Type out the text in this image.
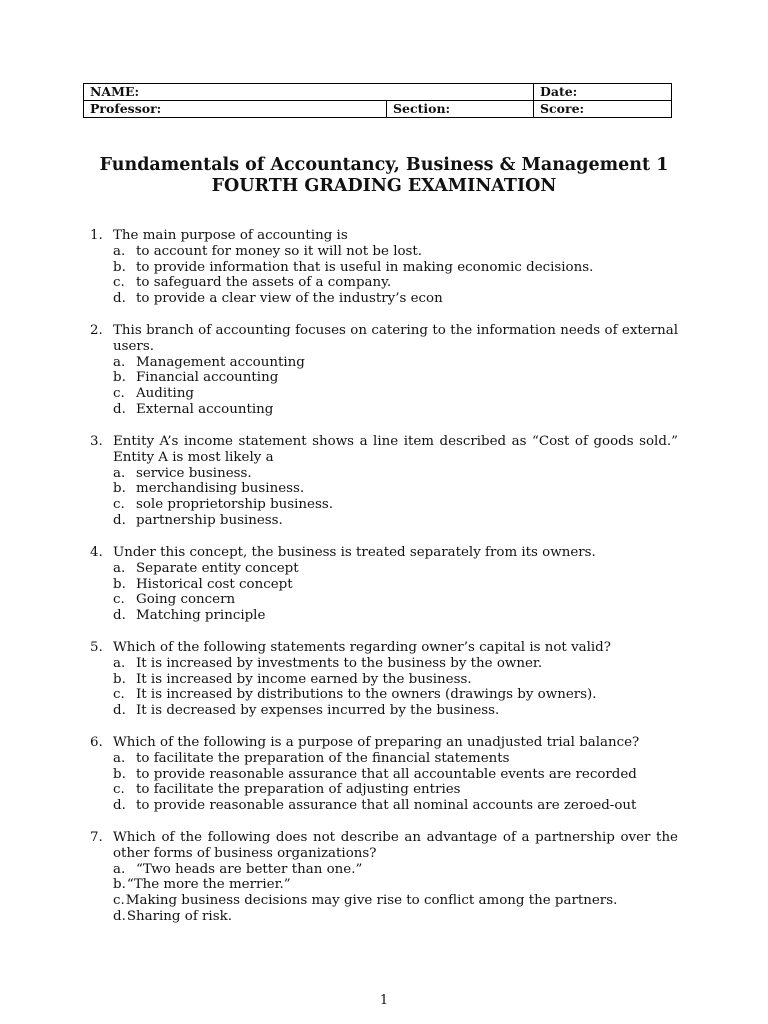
NAME:		Date:
Professor:	Section:	Score:
Fundamentals of Accountancy, Business & Management 1
FOURTH GRADING EXAMINATION
1. The main purpose of accounting is
a. to account for money so it will not be lost.
b. to provide information that is useful in making economic decisions.
c. to safeguard the assets of a company.
d. to provide a clear view of the industry’s econ
2. This branch of accounting focuses on catering to the information needs of external users.
a. Management accounting
b. Financial accounting
c. Auditing
d. External accounting
3. Entity A’s income statement shows a line item described as “Cost of goods sold.” Entity A is most likely a
a. service business.
b. merchandising business.
c. sole proprietorship business.
d. partnership business.
4. Under this concept, the business is treated separately from its owners.
a. Separate entity concept
b. Historical cost concept
c. Going concern
d. Matching principle
5. Which of the following statements regarding owner’s capital is not valid?
a. It is increased by investments to the business by the owner.
b. It is increased by income earned by the business.
c. It is increased by distributions to the owners (drawings by owners).
d. It is decreased by expenses incurred by the business.
6. Which of the following is a purpose of preparing an unadjusted trial balance?
a. to facilitate the preparation of the financial statements
b. to provide reasonable assurance that all accountable events are recorded
c. to facilitate the preparation of adjusting entries
d. to provide reasonable assurance that all nominal accounts are zeroed-out
7. Which of the following does not describe an advantage of a partnership over the other forms of business organizations?
a. “Two heads are better than one.”
b. “The more the merrier.”
c. Making business decisions may give rise to conflict among the partners.
d. Sharing of risk.
1
